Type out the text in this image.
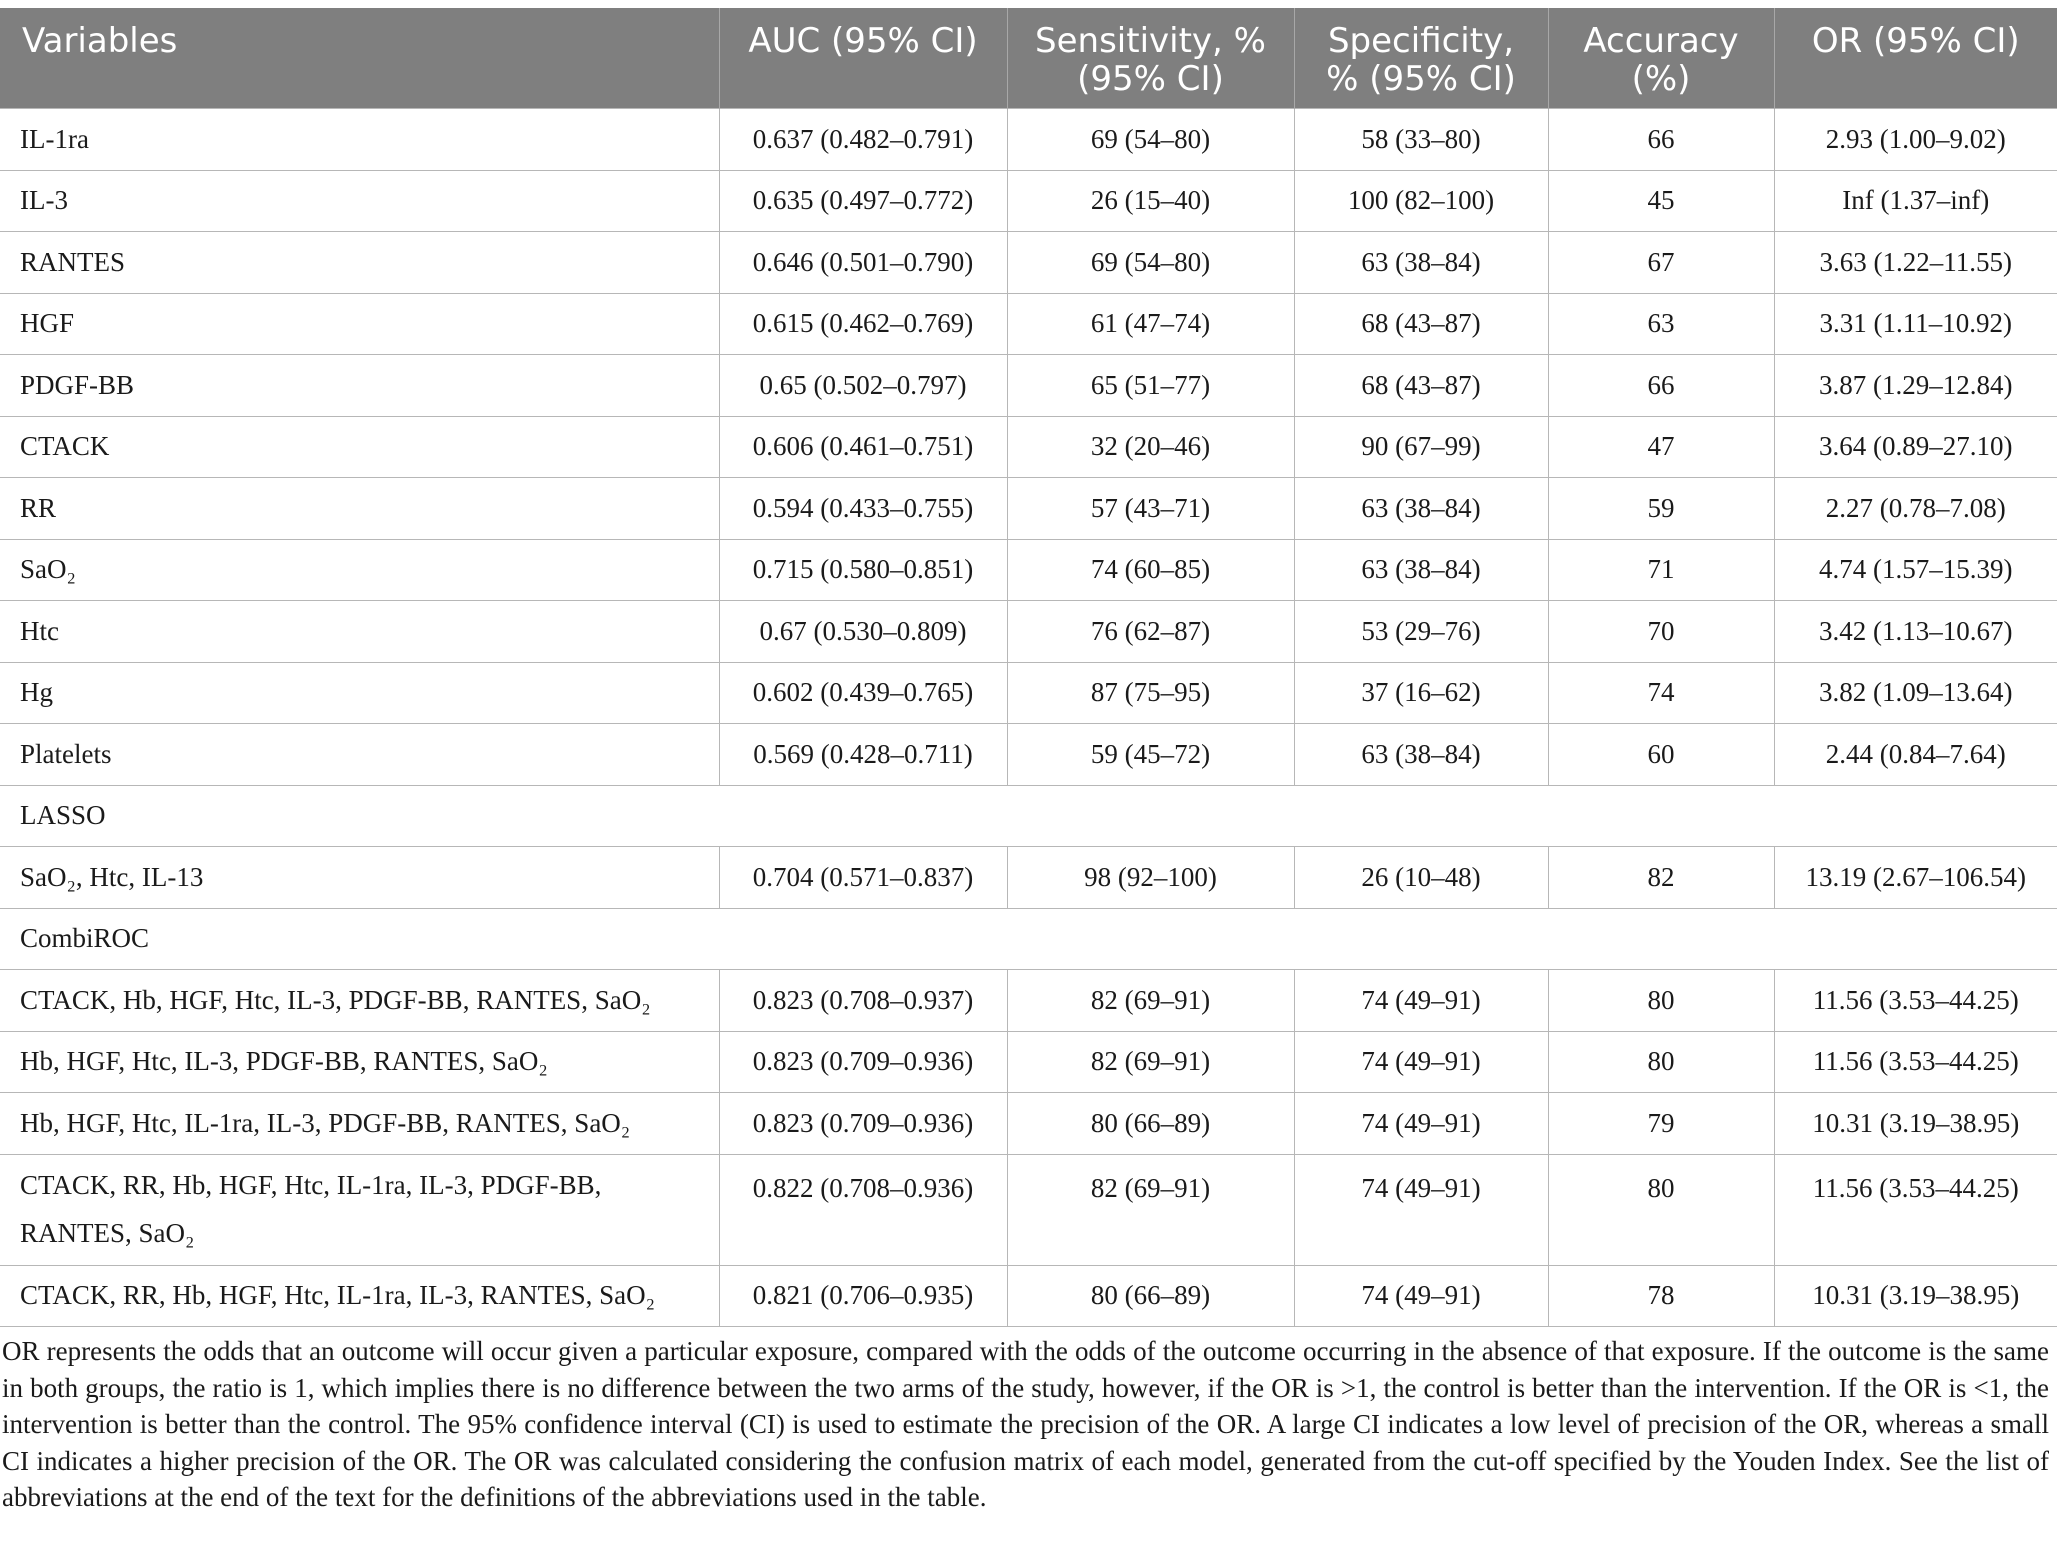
Variables	AUC (95% CI)	Sensitivity, % (95% CI)	Specificity, % (95% CI)	Accuracy (%)	OR (95% CI)
IL-1ra	0.637 (0.482–0.791)	69 (54–80)	58 (33–80)	66	2.93 (1.00–9.02)
IL-3	0.635 (0.497–0.772)	26 (15–40)	100 (82–100)	45	Inf (1.37–inf)
RANTES	0.646 (0.501–0.790)	69 (54–80)	63 (38–84)	67	3.63 (1.22–11.55)
HGF	0.615 (0.462–0.769)	61 (47–74)	68 (43–87)	63	3.31 (1.11–10.92)
PDGF-BB	0.65 (0.502–0.797)	65 (51–77)	68 (43–87)	66	3.87 (1.29–12.84)
CTACK	0.606 (0.461–0.751)	32 (20–46)	90 (67–99)	47	3.64 (0.89–27.10)
RR	0.594 (0.433–0.755)	57 (43–71)	63 (38–84)	59	2.27 (0.78–7.08)
SaO₂	0.715 (0.580–0.851)	74 (60–85)	63 (38–84)	71	4.74 (1.57–15.39)
Htc	0.67 (0.530–0.809)	76 (62–87)	53 (29–76)	70	3.42 (1.13–10.67)
Hg	0.602 (0.439–0.765)	87 (75–95)	37 (16–62)	74	3.82 (1.09–13.64)
Platelets	0.569 (0.428–0.711)	59 (45–72)	63 (38–84)	60	2.44 (0.84–7.64)
LASSO					
SaO₂, Htc, IL-13	0.704 (0.571–0.837)	98 (92–100)	26 (10–48)	82	13.19 (2.67–106.54)
CombiROC					
CTACK, Hb, HGF, Htc, IL-3, PDGF-BB, RANTES, SaO₂	0.823 (0.708–0.937)	82 (69–91)	74 (49–91)	80	11.56 (3.53–44.25)
Hb, HGF, Htc, IL-3, PDGF-BB, RANTES, SaO₂	0.823 (0.709–0.936)	82 (69–91)	74 (49–91)	80	11.56 (3.53–44.25)
Hb, HGF, Htc, IL-1ra, IL-3, PDGF-BB, RANTES, SaO₂	0.823 (0.709–0.936)	80 (66–89)	74 (49–91)	79	10.31 (3.19–38.95)
CTACK, RR, Hb, HGF, Htc, IL-1ra, IL-3, PDGF-BB, RANTES, SaO₂	0.822 (0.708–0.936)	82 (69–91)	74 (49–91)	80	11.56 (3.53–44.25)
CTACK, RR, Hb, HGF, Htc, IL-1ra, IL-3, RANTES, SaO₂	0.821 (0.706–0.935)	80 (66–89)	74 (49–91)	78	10.31 (3.19–38.95)
OR represents the odds that an outcome will occur given a particular exposure, compared with the odds of the outcome occurring in the absence of that exposure. If the outcome is the same in both groups, the ratio is 1, which implies there is no difference between the two arms of the study, however, if the OR is >1, the control is better than the intervention. If the OR is <1, the intervention is better than the control. The 95% confidence interval (CI) is used to estimate the precision of the OR. A large CI indicates a low level of precision of the OR, whereas a small CI indicates a higher precision of the OR. The OR was calculated considering the confusion matrix of each model, generated from the cut-off specified by the Youden Index. See the list of abbreviations at the end of the text for the definitions of the abbreviations used in the table.
